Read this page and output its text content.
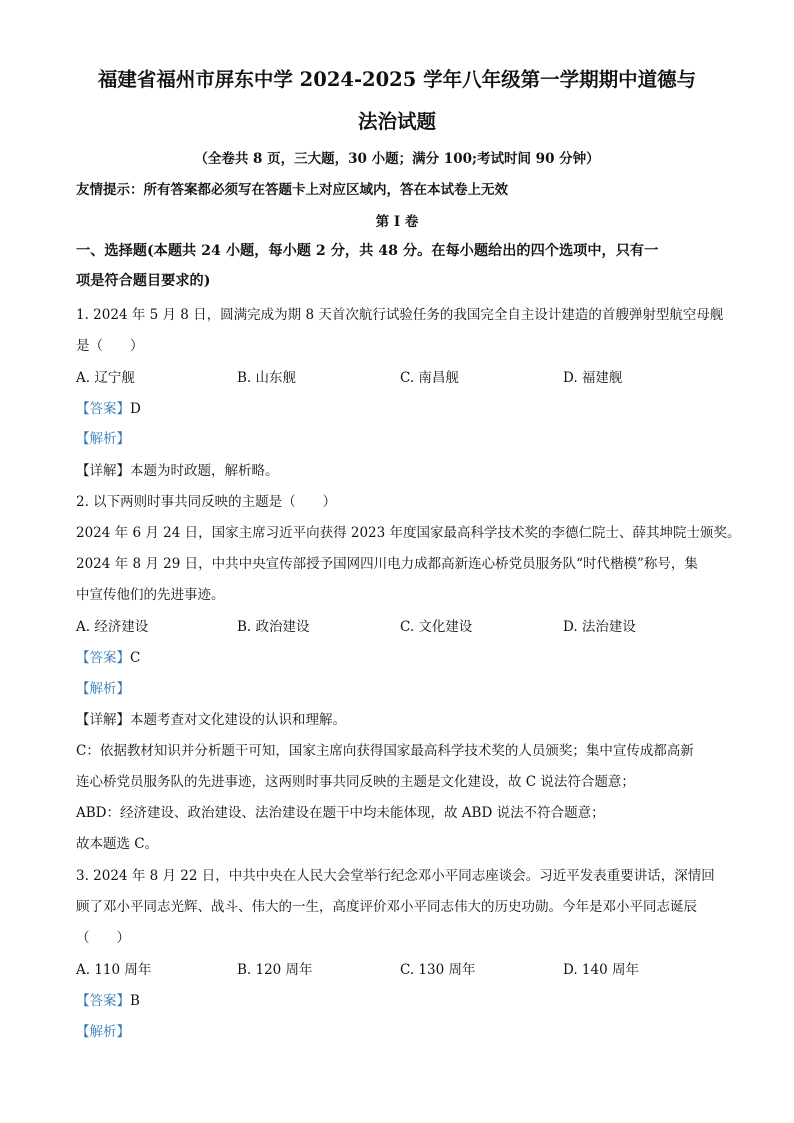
福建省福州市屏东中学 2024-2025 学年八年级第一学期期中道德与
法治试题
（全卷共 8 页，三大题，30 小题；满分 100;考试时间 90 分钟）
友情提示：所有答案都必须写在答题卡上对应区域内，答在本试卷上无效
第 I 卷
一、选择题(本题共 24 小题，每小题 2 分，共 48 分。在每小题给出的四个选项中，只有一
项是符合题目要求的)
1. 2024 年 5 月 8 日，圆满完成为期 8 天首次航行试验任务的我国完全自主设计建造的首艘弹射型航空母舰
是（　　）
A. 辽宁舰	B. 山东舰	C. 南昌舰	D. 福建舰
【答案】D
【解析】
【详解】本题为时政题，解析略。
2. 以下两则时事共同反映的主题是（　　）
2024 年 6 月 24 日，国家主席习近平向获得 2023 年度国家最高科学技术奖的李德仁院士、薛其坤院士颁奖。
2024 年 8 月 29 日，中共中央宣传部授予国网四川电力成都高新连心桥党员服务队“时代楷模”称号，集
中宣传他们的先进事迹。
A. 经济建设	B. 政治建设	C. 文化建设	D. 法治建设
【答案】C
【解析】
【详解】本题考查对文化建设的认识和理解。
C：依据教材知识并分析题干可知，国家主席向获得国家最高科学技术奖的人员颁奖；集中宣传成都高新
连心桥党员服务队的先进事迹，这两则时事共同反映的主题是文化建设，故 C 说法符合题意；
ABD：经济建设、政治建设、法治建设在题干中均未能体现，故 ABD 说法不符合题意；
故本题选 C。
3. 2024 年 8 月 22 日，中共中央在人民大会堂举行纪念邓小平同志座谈会。习近平发表重要讲话，深情回
顾了邓小平同志光辉、战斗、伟大的一生，高度评价邓小平同志伟大的历史功勋。今年是邓小平同志诞辰
（　　）
A. 110 周年	B. 120 周年	C. 130 周年	D. 140 周年
【答案】B
【解析】
